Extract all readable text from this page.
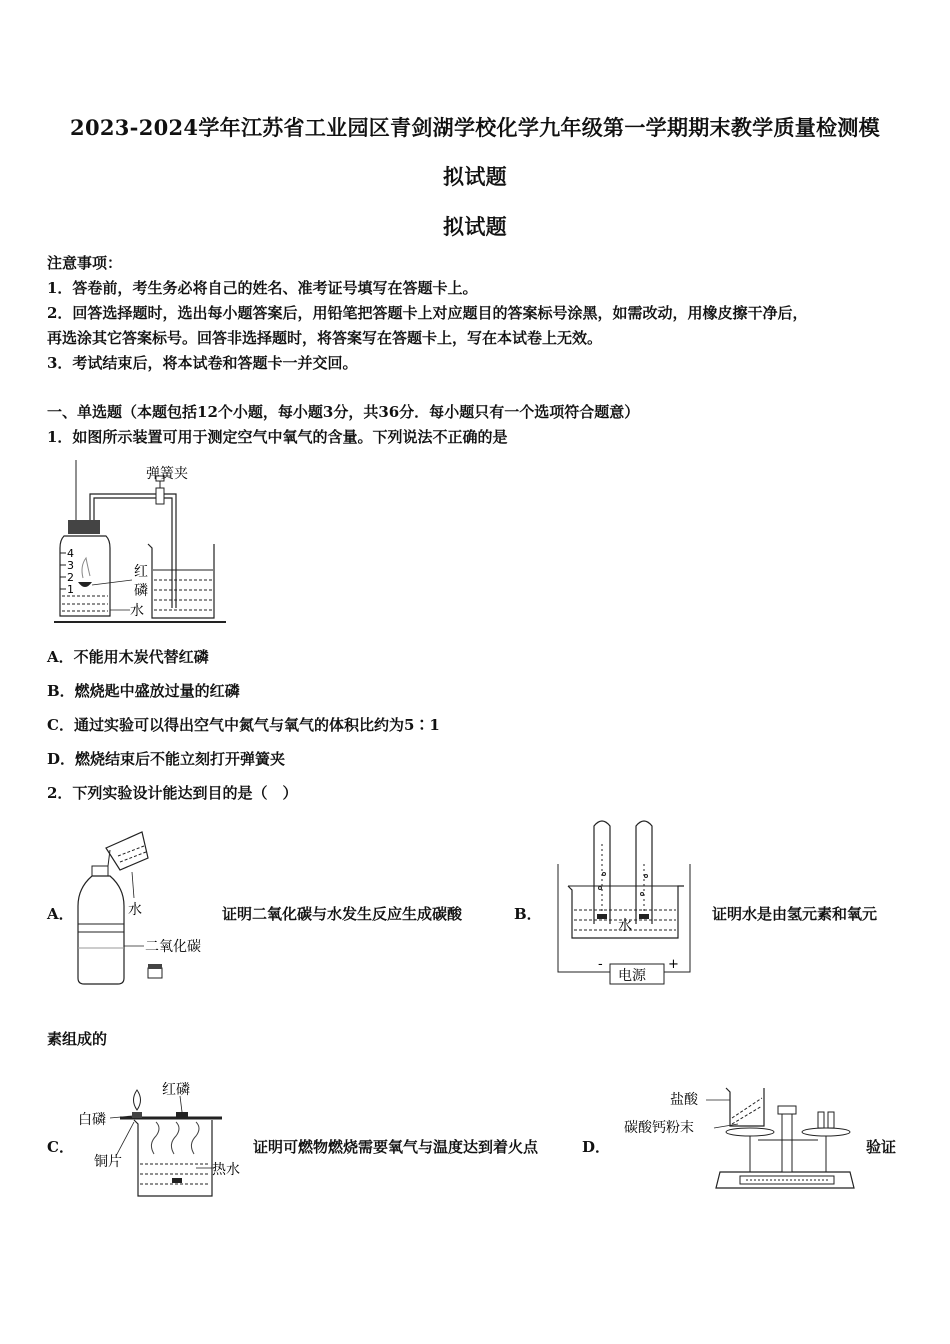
2023-2024学年江苏省工业园区青剑湖学校化学九年级第一学期期末教学质量检测模
拟试题
拟试题
注意事项：
1．答卷前，考生务必将自己的姓名、准考证号填写在答题卡上。
2．回答选择题时，选出每小题答案后，用铅笔把答题卡上对应题目的答案标号涂黑，如需改动，用橡皮擦干净后，
再选涂其它答案标号。回答非选择题时，将答案写在答题卡上，写在本试卷上无效。
3．考试结束后，将本试卷和答题卡一并交回。
一、单选题（本题包括12个小题，每小题3分，共36分．每小题只有一个选项符合题意）
1．如图所示装置可用于测定空气中氧气的含量。下列说法不正确的是
4
3
2
1
弹簧夹
红
磷
水
A．不能用木炭代替红磷
B．燃烧匙中盛放过量的红磷
C．通过实验可以得出空气中氮气与氧气的体积比约为5∶1
D．燃烧结束后不能立刻打开弹簧夹
2．下列实验设计能达到目的是（　）
A．	水
二氧化碳
证明二氧化碳与水发生反应生成碳酸	B．
水
电源
-	+
证明水是由氢元素和氧元
素组成的
C．
红磷
白磷
铜片	热水
证明可燃物燃烧需要氧气与温度达到着火点	D．
盐酸
碳酸钙粉末
验证
